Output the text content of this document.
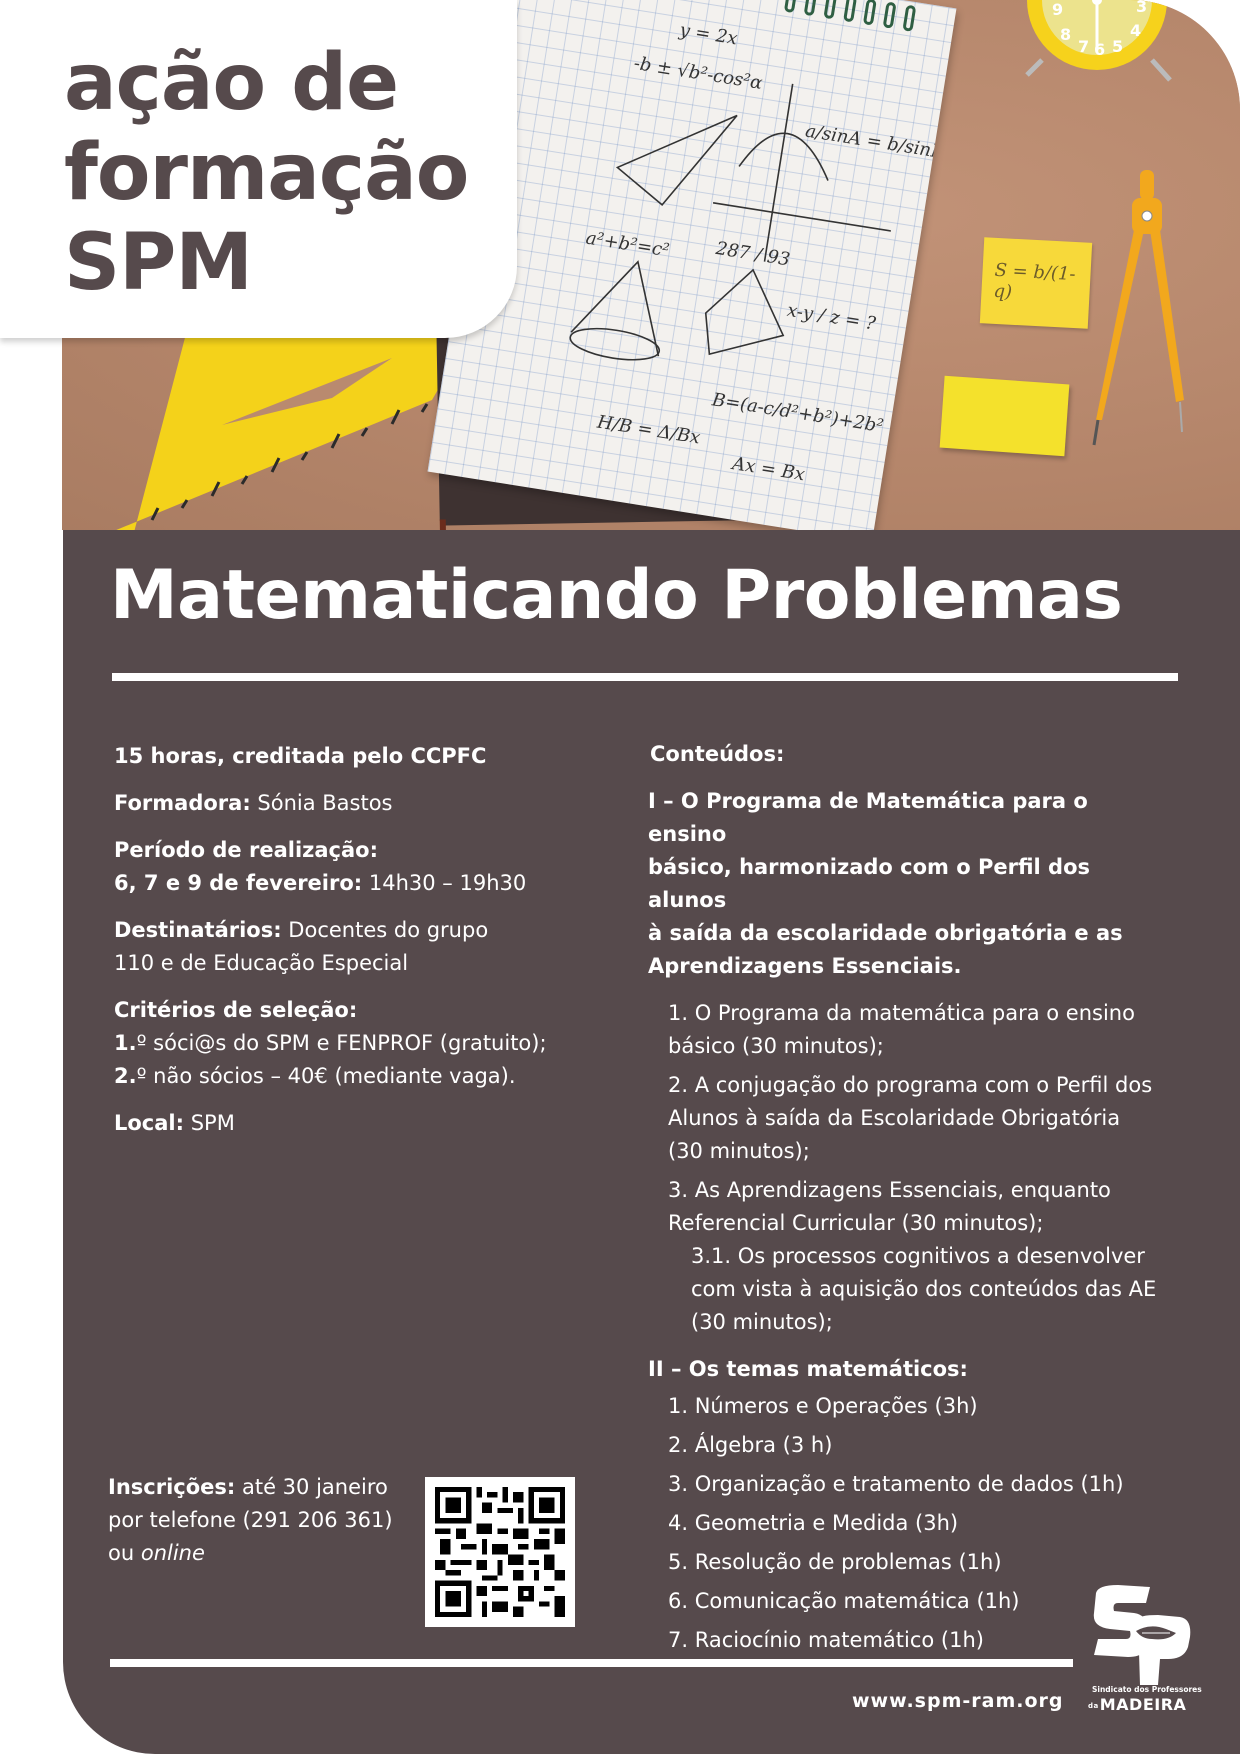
y = 2x
-b ± √b²-cos²α
a/sinA = b/sinB
a²+b²=c² 287 / 93
x-y / z = ?
B=(a-c/d²+b²)+2b²
H/B = Δ/Bx
Ax = Bx
9
8
7 6 5
4
3
S = b/(1-q)
ação de
formação
SPM
Matematicando Problemas
15 horas, creditada pelo CCPFC
Formadora: Sónia Bastos
Período de realização:
6, 7 e 9 de fevereiro: 14h30 – 19h30
Destinatários: Docentes do grupo
110 e de Educação Especial
Critérios de seleção:
1.º sóci@s do SPM e FENPROF (gratuito);
2.º não sócios – 40€ (mediante vaga).
Local: SPM
Conteúdos:
I – O Programa de Matemática para o ensino
básico, harmonizado com o Perfil dos alunos
à saída da escolaridade obrigatória e as
Aprendizagens Essenciais.
1. O Programa da matemática para o ensino
básico (30 minutos);
2. A conjugação do programa com o Perfil dos
Alunos à saída da Escolaridade Obrigatória
(30 minutos);
3. As Aprendizagens Essenciais, enquanto
Referencial Curricular (30 minutos);
3.1. Os processos cognitivos a desenvolver
com vista à aquisição dos conteúdos das AE
(30 minutos);
II – Os temas matemáticos:
1. Números e Operações (3h)
2. Álgebra (3 h)
3. Organização e tratamento de dados (1h)
4. Geometria e Medida (3h)
5. Resolução de problemas (1h)
6. Comunicação matemática (1h)
7. Raciocínio matemático (1h)
Inscrições: até 30 janeiro
por telefone (291 206 361)
ou online
www.spm-ram.org
Sindicato dos Professores
daMADEIRA
